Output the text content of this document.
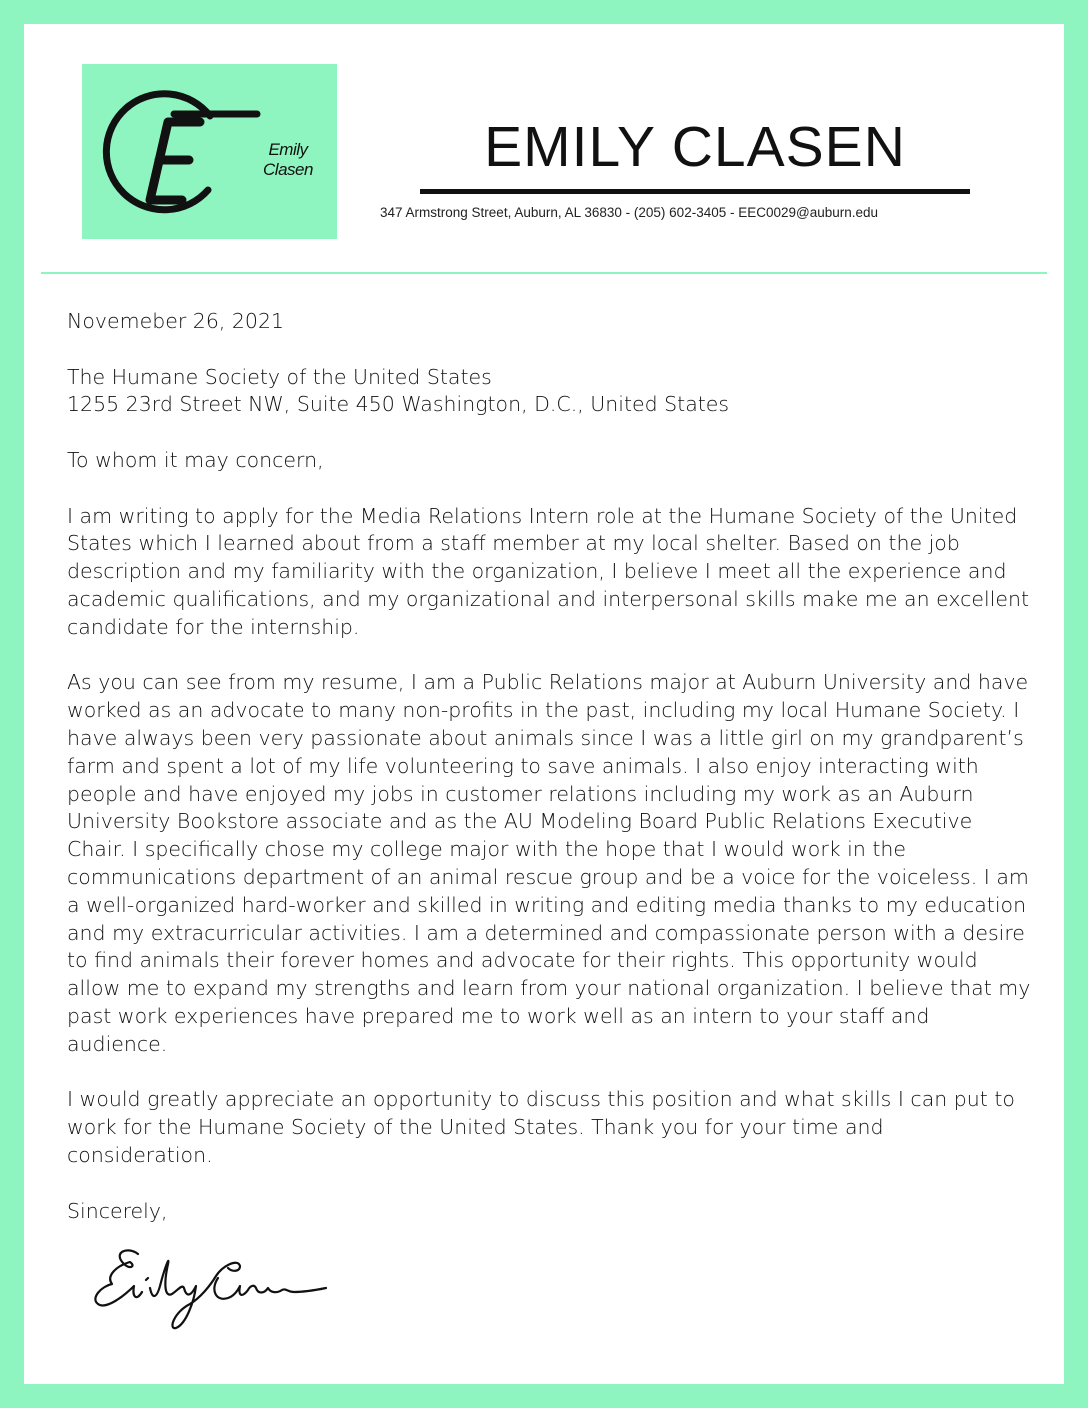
Emily
Clasen	EMILY CLASEN
347 Armstrong Street, Auburn, AL 36830 - (205) 602-3405 - EEC0029@auburn.edu

Novemeber 26, 2021

The Humane Society of the United States
1255 23rd Street NW, Suite 450 Washington, D.C., United States

To whom it may concern,

I am writing to apply for the Media Relations Intern role at the Humane Society of the United States which I learned about from a staff member at my local shelter. Based on the job description and my familiarity with the organization, I believe I meet all the experience and academic qualifications, and my organizational and interpersonal skills make me an excellent candidate for the internship.

As you can see from my resume, I am a Public Relations major at Auburn University and have worked as an advocate to many non-profits in the past, including my local Humane Society. I have always been very passionate about animals since I was a little girl on my grandparent’s farm and spent a lot of my life volunteering to save animals. I also enjoy interacting with people and have enjoyed my jobs in customer relations including my work as an Auburn University Bookstore associate and as the AU Modeling Board Public Relations Executive Chair. I specifically chose my college major with the hope that I would work in the communications department of an animal rescue group and be a voice for the voiceless. I am a well-organized hard-worker and skilled in writing and editing media thanks to my education and my extracurricular activities. I am a determined and compassionate person with a desire to find animals their forever homes and advocate for their rights. This opportunity would allow me to expand my strengths and learn from your national organization. I believe that my past work experiences have prepared me to work well as an intern to your staff and audience.

I would greatly appreciate an opportunity to discuss this position and what skills I can put to work for the Humane Society of the United States. Thank you for your time and consideration.

Sincerely,
